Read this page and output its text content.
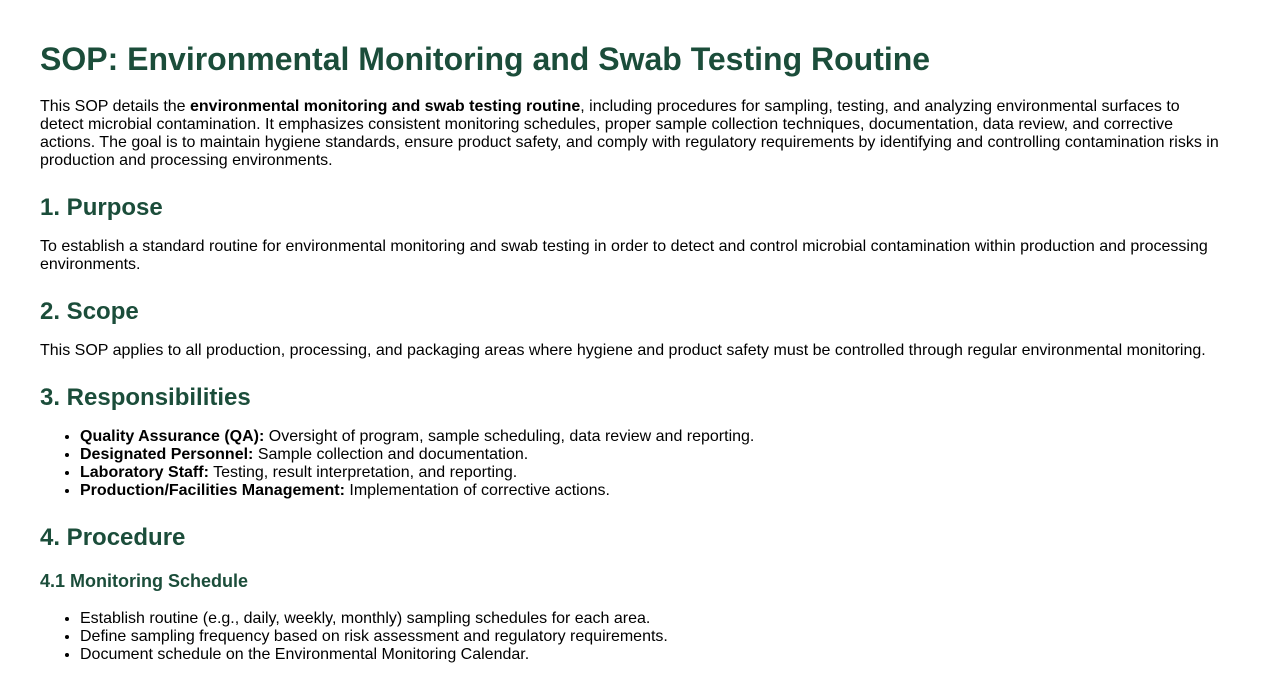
SOP: Environmental Monitoring and Swab Testing Routine

This SOP details the environmental monitoring and swab testing routine, including procedures for sampling, testing, and analyzing environmental surfaces to detect microbial contamination. It emphasizes consistent monitoring schedules, proper sample collection techniques, documentation, data review, and corrective actions. The goal is to maintain hygiene standards, ensure product safety, and comply with regulatory requirements by identifying and controlling contamination risks in production and processing environments.

1. Purpose

To establish a standard routine for environmental monitoring and swab testing in order to detect and control microbial contamination within production and processing environments.

2. Scope

This SOP applies to all production, processing, and packaging areas where hygiene and product safety must be controlled through regular environmental monitoring.

3. Responsibilities
• Quality Assurance (QA): Oversight of program, sample scheduling, data review and reporting.
• Designated Personnel: Sample collection and documentation.
• Laboratory Staff: Testing, result interpretation, and reporting.
• Production/Facilities Management: Implementation of corrective actions.
4. Procedure
4.1 Monitoring Schedule
• Establish routine (e.g., daily, weekly, monthly) sampling schedules for each area.
• Define sampling frequency based on risk assessment and regulatory requirements.
• Document schedule on the Environmental Monitoring Calendar.
